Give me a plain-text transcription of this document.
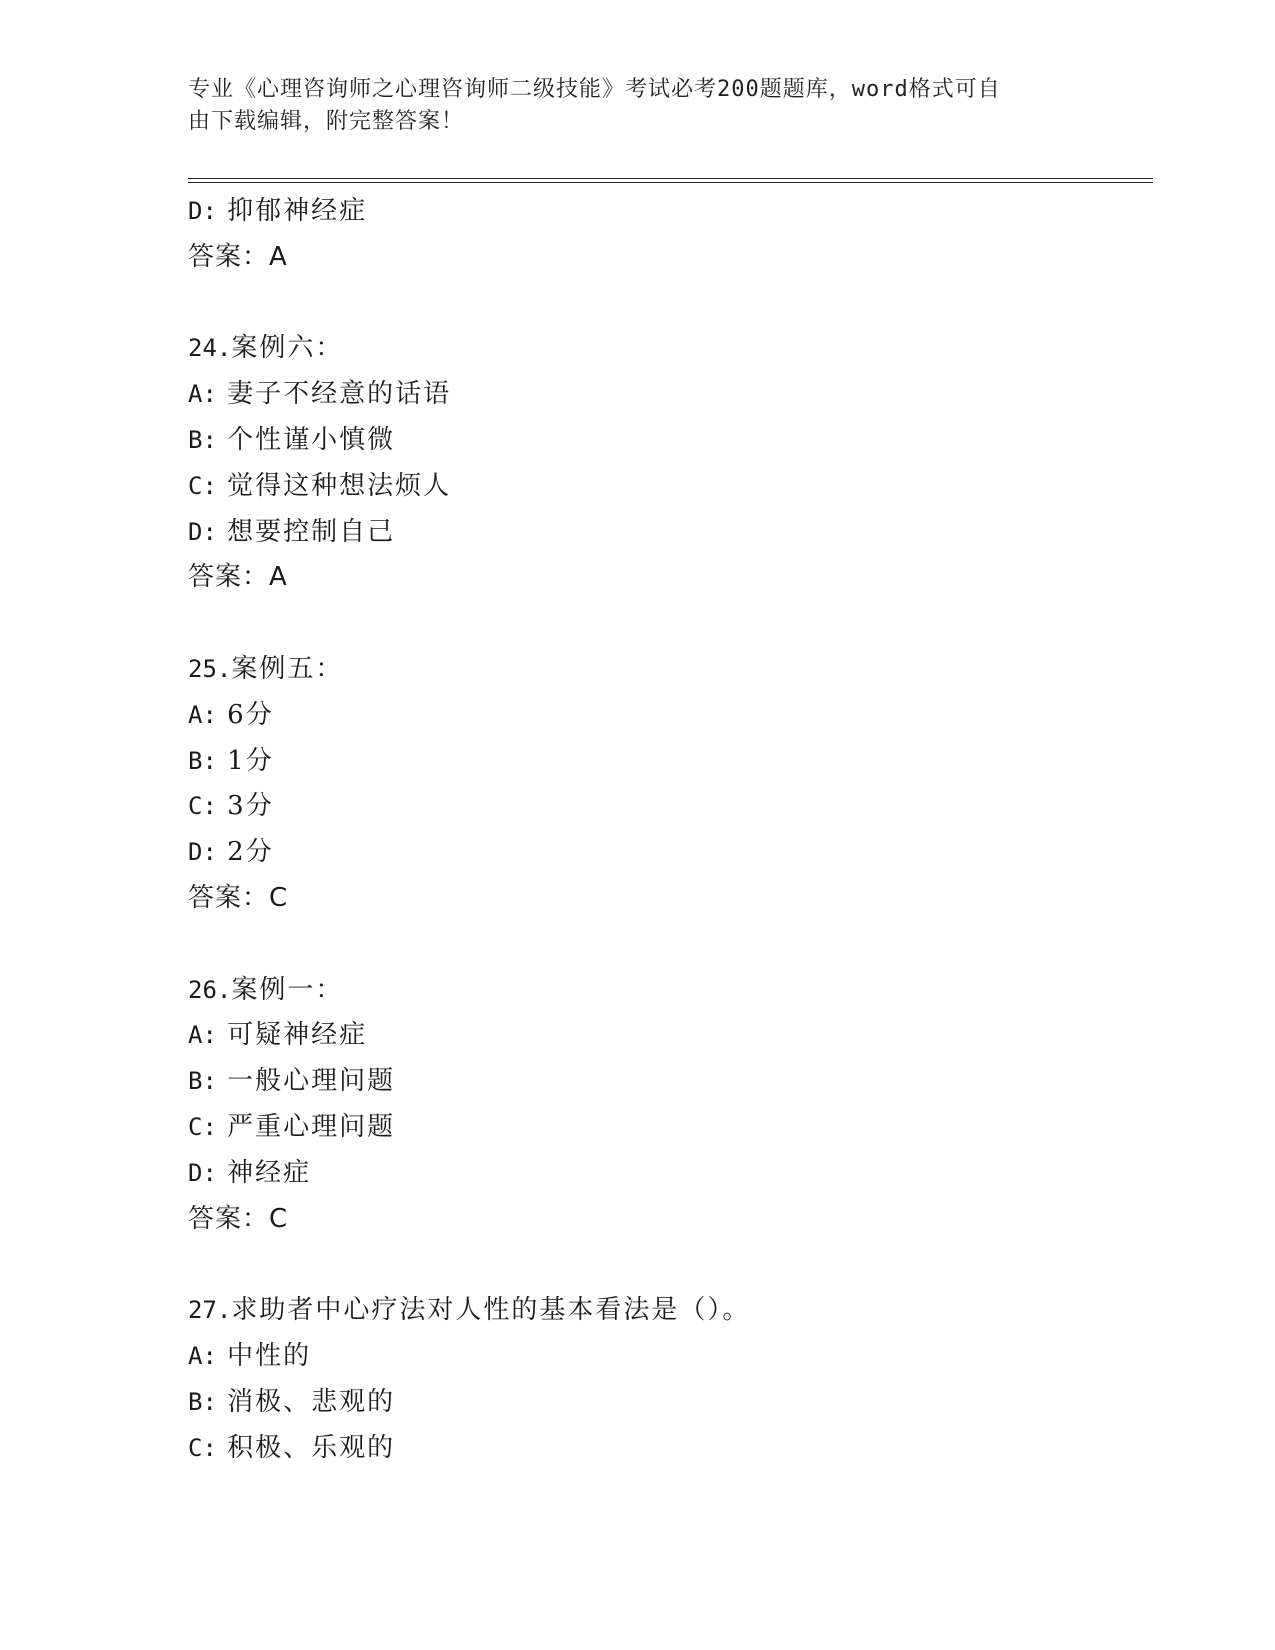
专业《心理咨询师之心理咨询师二级技能》考试必考200题题库，word格式可自
由下载编辑，附完整答案！
D: 抑郁神经症
答案：A
24.案例六：
A: 妻子不经意的话语
B: 个性谨小慎微
C: 觉得这种想法烦人
D: 想要控制自己
答案：A
25.案例五：
A: 6分
B: 1分
C: 3分
D: 2分
答案：C
26.案例一：
A: 可疑神经症
B: 一般心理问题
C: 严重心理问题
D: 神经症
答案：C
27.求助者中心疗法对人性的基本看法是（）。
A: 中性的
B: 消极、悲观的
C: 积极、乐观的
